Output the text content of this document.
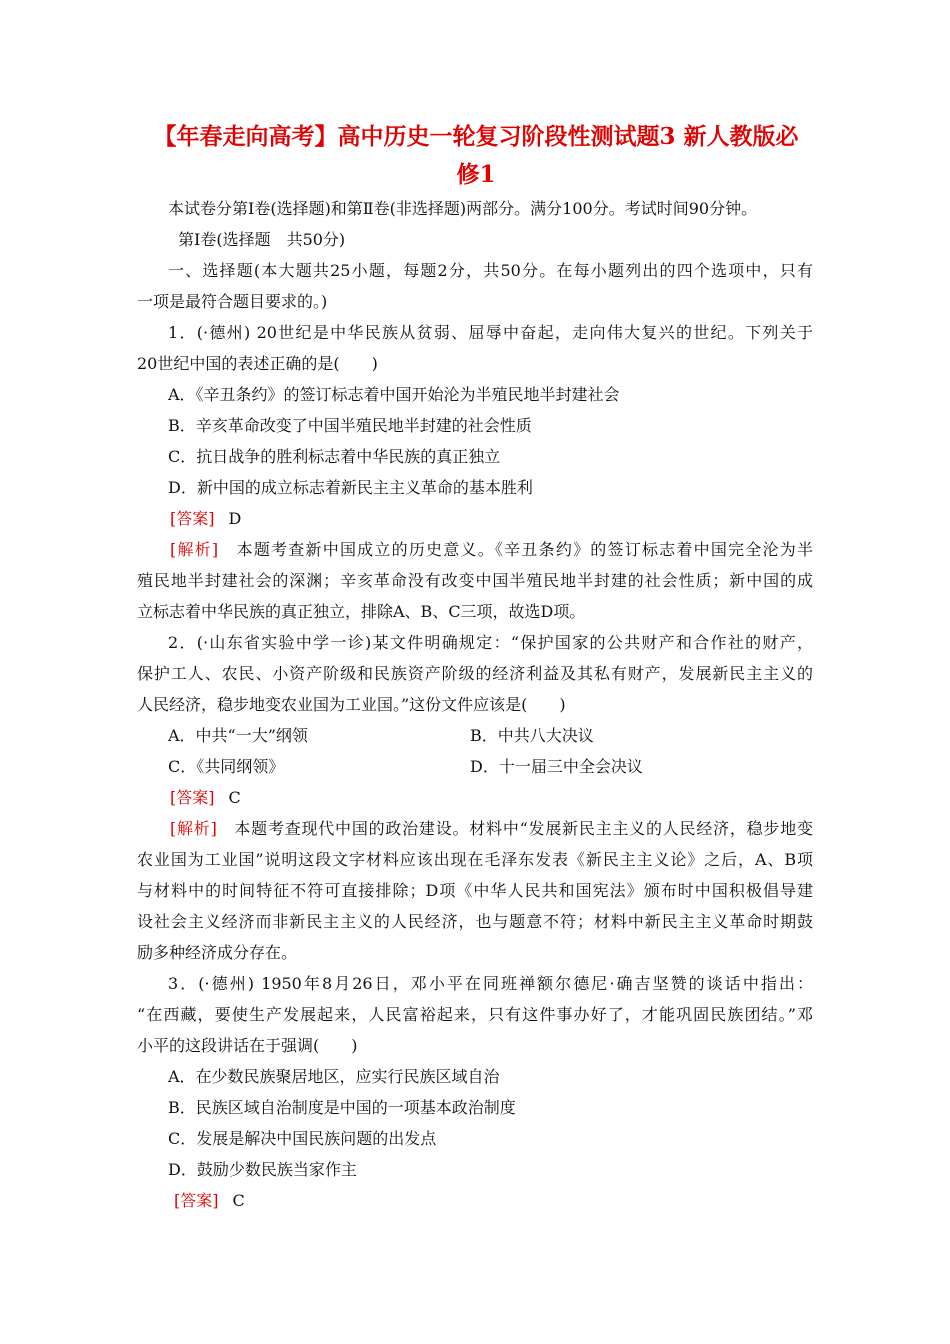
【年春走向高考】高中历史一轮复习阶段性测试题3 新人教版必
修1
本试卷分第Ⅰ卷(选择题)和第Ⅱ卷(非选择题)两部分。满分100分。考试时间90分钟。
第Ⅰ卷(选择题　共50分)
一、选择题(本大题共25小题，每题2分，共50分。在每小题列出的四个选项中，只有
一项是最符合题目要求的。)
1．(·德州) 20世纪是中华民族从贫弱、屈辱中奋起，走向伟大复兴的世纪。下列关于
20世纪中国的表述正确的是(　　)
A．《辛丑条约》的签订标志着中国开始沦为半殖民地半封建社会
B．辛亥革命改变了中国半殖民地半封建的社会性质
C．抗日战争的胜利标志着中华民族的真正独立
D．新中国的成立标志着新民主主义革命的基本胜利
[答案] D
[解析]　 本题考查新中国成立的历史意义。《辛丑条约》的签订标志着中国完全沦为半
殖民地半封建社会的深渊；辛亥革命没有改变中国半殖民地半封建的社会性质；新中国的成
立标志着中华民族的真正独立，排除A、B、C三项，故选D项。
2．(·山东省实验中学一诊)某文件明确规定：“保护国家的公共财产和合作社的财产，
保护工人、农民、小资产阶级和民族资产阶级的经济利益及其私有财产，发展新民主主义的
人民经济，稳步地变农业国为工业国。”这份文件应该是(　　)
A．中共“一大”纲领	B．中共八大决议
C．《共同纲领》	D．十一届三中全会决议
[答案] C
[解析]　 本题考查现代中国的政治建设。材料中“发展新民主主义的人民经济，稳步地变
农业国为工业国”说明这段文字材料应该出现在毛泽东发表《新民主主义论》之后，A、B项
与材料中的时间特征不符可直接排除；D项《中华人民共和国宪法》颁布时中国积极倡导建
设社会主义经济而非新民主主义的人民经济，也与题意不符；材料中新民主主义革命时期鼓
励多种经济成分存在。
3．(·德州) 1950年8月26日，邓小平在同班禅额尔德尼·确吉坚赞的谈话中指出：
“在西藏，要使生产发展起来，人民富裕起来，只有这件事办好了，才能巩固民族团结。”邓
小平的这段讲话在于强调(　　)
A．在少数民族聚居地区，应实行民族区域自治
B．民族区域自治制度是中国的一项基本政治制度
C．发展是解决中国民族问题的出发点
D．鼓励少数民族当家作主
[答案] C
